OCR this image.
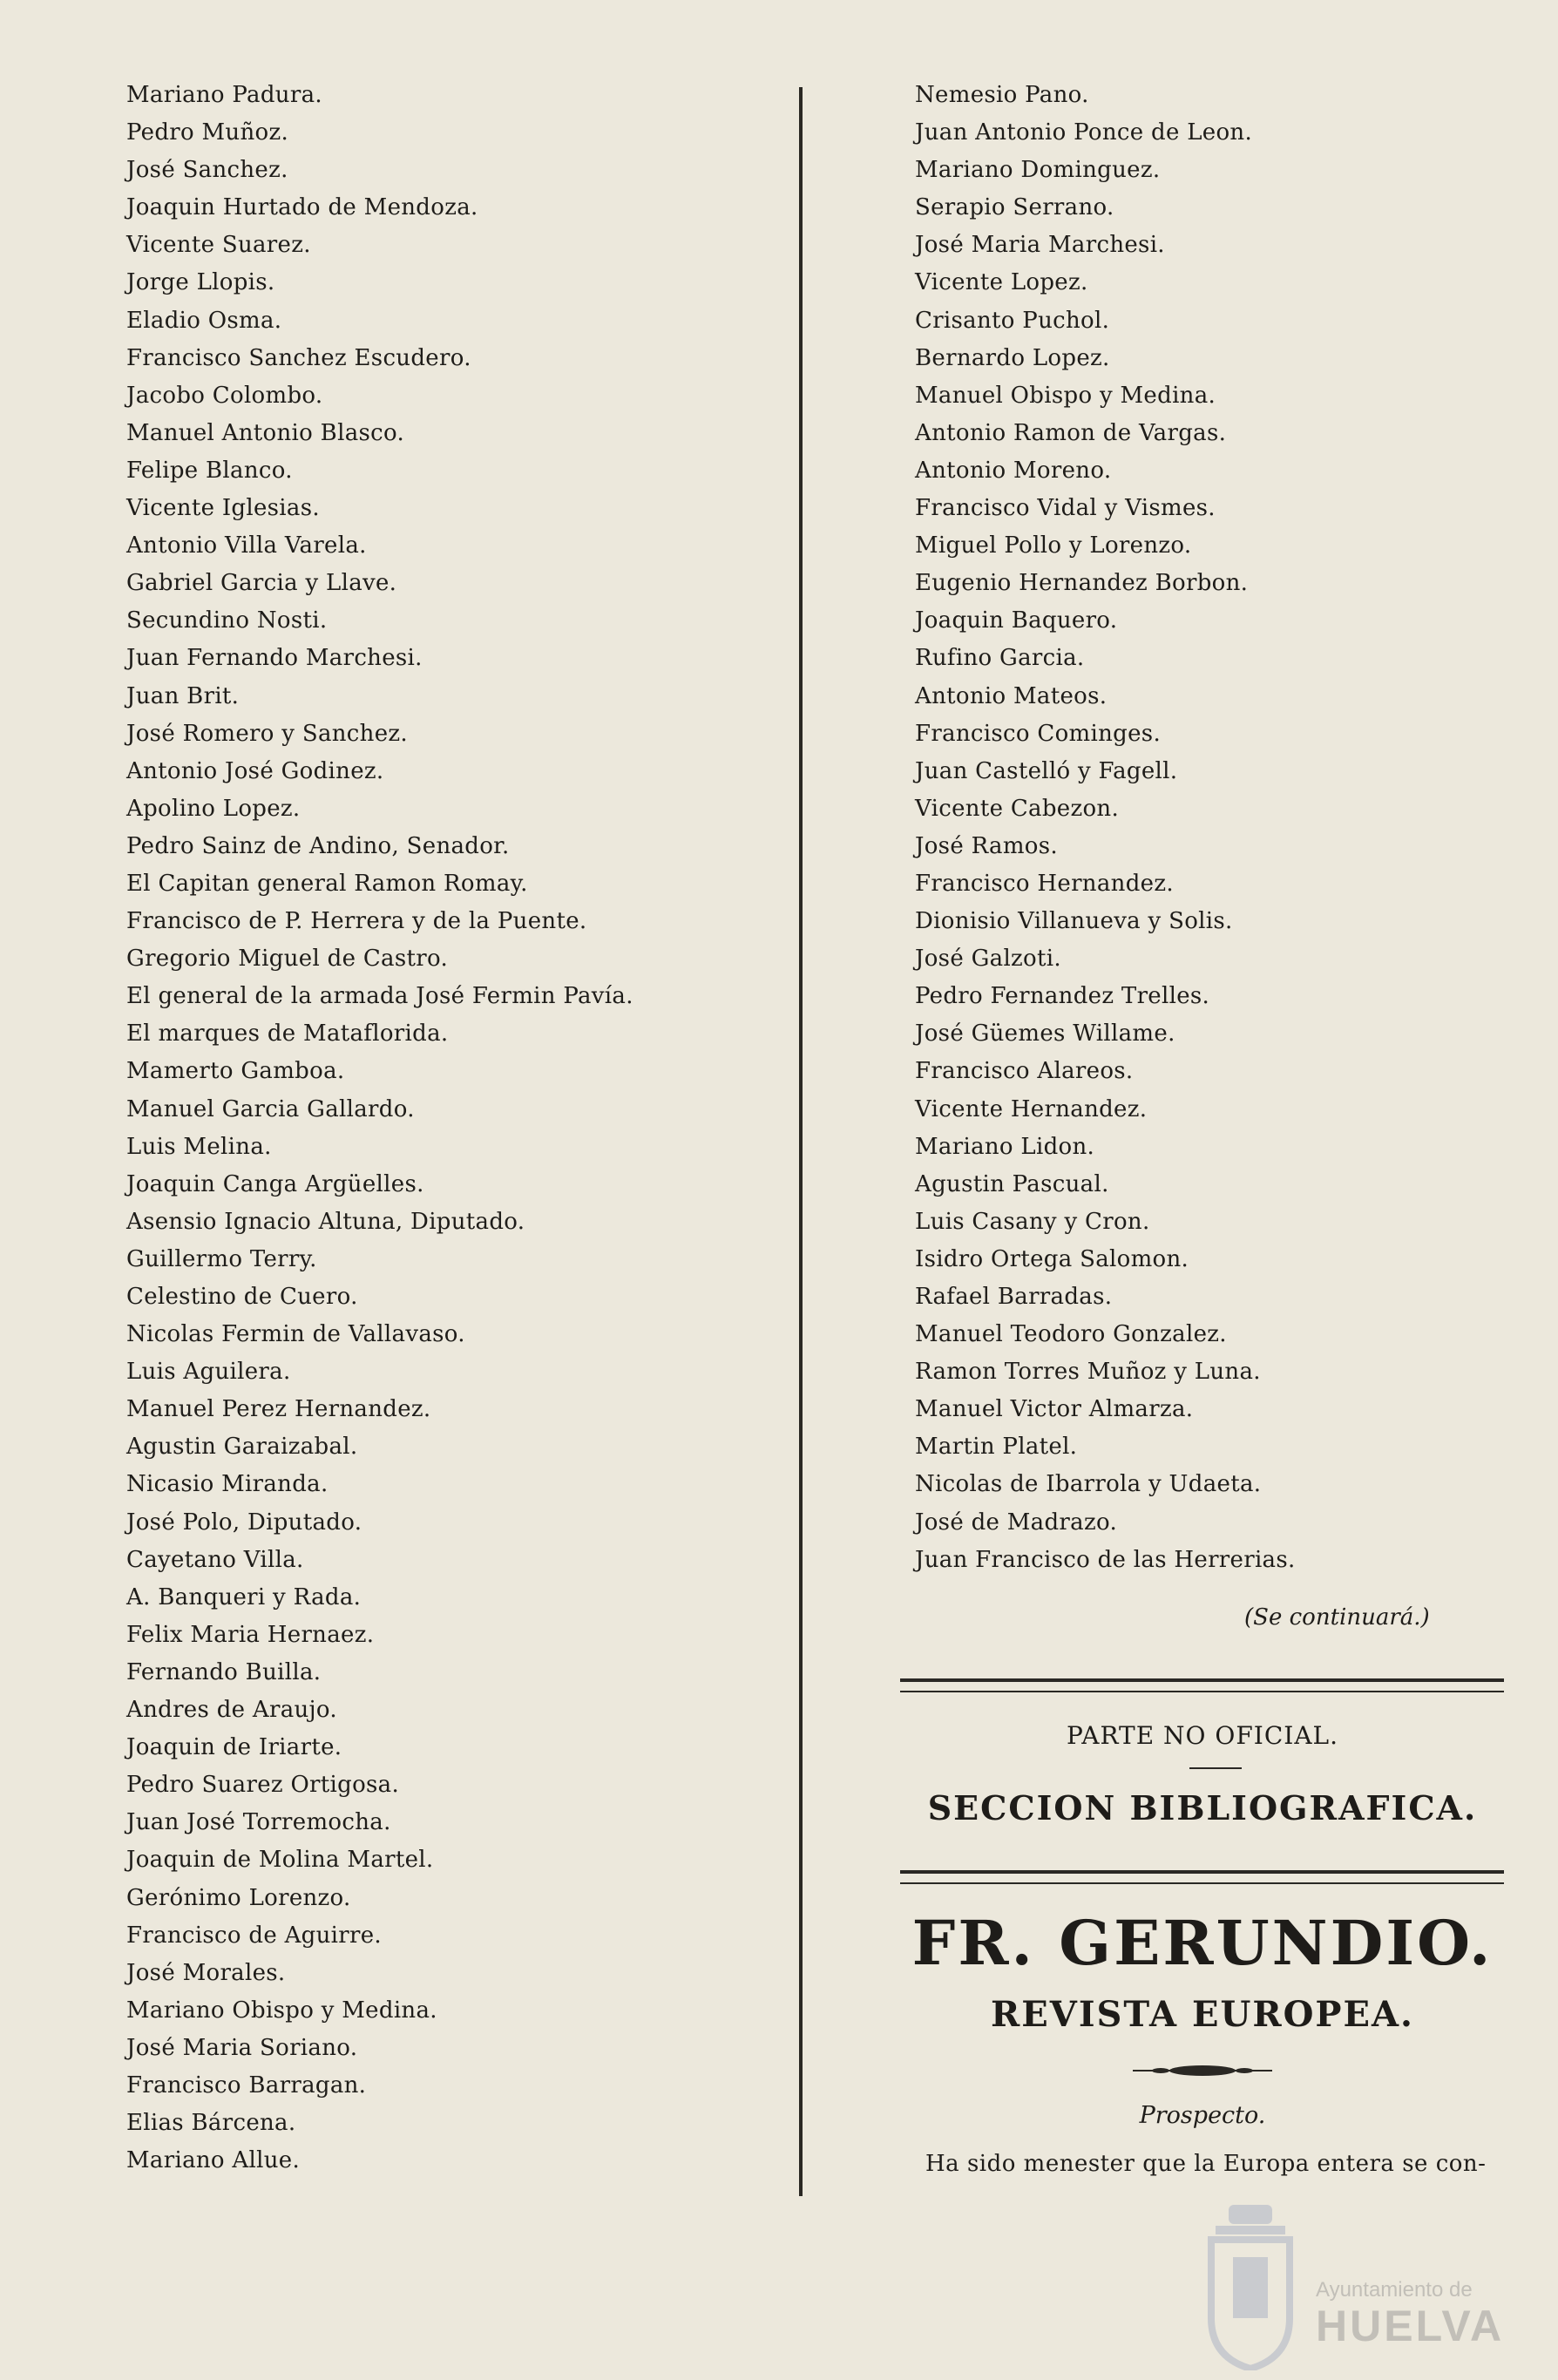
Mariano Padura.
Pedro Muñoz.
José Sanchez.
Joaquin Hurtado de Mendoza.
Vicente Suarez.
Jorge Llopis.
Eladio Osma.
Francisco Sanchez Escudero.
Jacobo Colombo.
Manuel Antonio Blasco.
Felipe Blanco.
Vicente Iglesias.
Antonio Villa Varela.
Gabriel Garcia y Llave.
Secundino Nosti.
Juan Fernando Marchesi.
Juan Brit.
José Romero y Sanchez.
Antonio José Godinez.
Apolino Lopez.
Pedro Sainz de Andino, Senador.
El Capitan general Ramon Romay.
Francisco de P. Herrera y de la Puente.
Gregorio Miguel de Castro.
El general de la armada José Fermin Pavía.
El marques de Mataflorida.
Mamerto Gamboa.
Manuel Garcia Gallardo.
Luis Melina.
Joaquin Canga Argüelles.
Asensio Ignacio Altuna, Diputado.
Guillermo Terry.
Celestino de Cuero.
Nicolas Fermin de Vallavaso.
Luis Aguilera.
Manuel Perez Hernandez.
Agustin Garaizabal.
Nicasio Miranda.
José Polo, Diputado.
Cayetano Villa.
A. Banqueri y Rada.
Felix Maria Hernaez.
Fernando Builla.
Andres de Araujo.
Joaquin de Iriarte.
Pedro Suarez Ortigosa.
Juan José Torremocha.
Joaquin de Molina Martel.
Gerónimo Lorenzo.
Francisco de Aguirre.
José Morales.
Mariano Obispo y Medina.
José Maria Soriano.
Francisco Barragan.
Elias Bárcena.
Mariano Allue.
Nemesio Pano.
Juan Antonio Ponce de Leon.
Mariano Dominguez.
Serapio Serrano.
José Maria Marchesi.
Vicente Lopez.
Crisanto Puchol.
Bernardo Lopez.
Manuel Obispo y Medina.
Antonio Ramon de Vargas.
Antonio Moreno.
Francisco Vidal y Vismes.
Miguel Pollo y Lorenzo.
Eugenio Hernandez Borbon.
Joaquin Baquero.
Rufino Garcia.
Antonio Mateos.
Francisco Cominges.
Juan Castelló y Fagell.
Vicente Cabezon.
José Ramos.
Francisco Hernandez.
Dionisio Villanueva y Solis.
José Galzoti.
Pedro Fernandez Trelles.
José Güemes Willame.
Francisco Alareos.
Vicente Hernandez.
Mariano Lidon.
Agustin Pascual.
Luis Casany y Cron.
Isidro Ortega Salomon.
Rafael Barradas.
Manuel Teodoro Gonzalez.
Ramon Torres Muñoz y Luna.
Manuel Victor Almarza.
Martin Platel.
Nicolas de Ibarrola y Udaeta.
José de Madrazo.
Juan Francisco de las Herrerias.
(Se continuará.)
PARTE NO OFICIAL.
SECCION BIBLIOGRAFICA.
FR. GERUNDIO.
REVISTA EUROPEA.
Prospecto.
Ha sido menester que la Europa entera se con-
Ayuntamiento de
HUELVA
